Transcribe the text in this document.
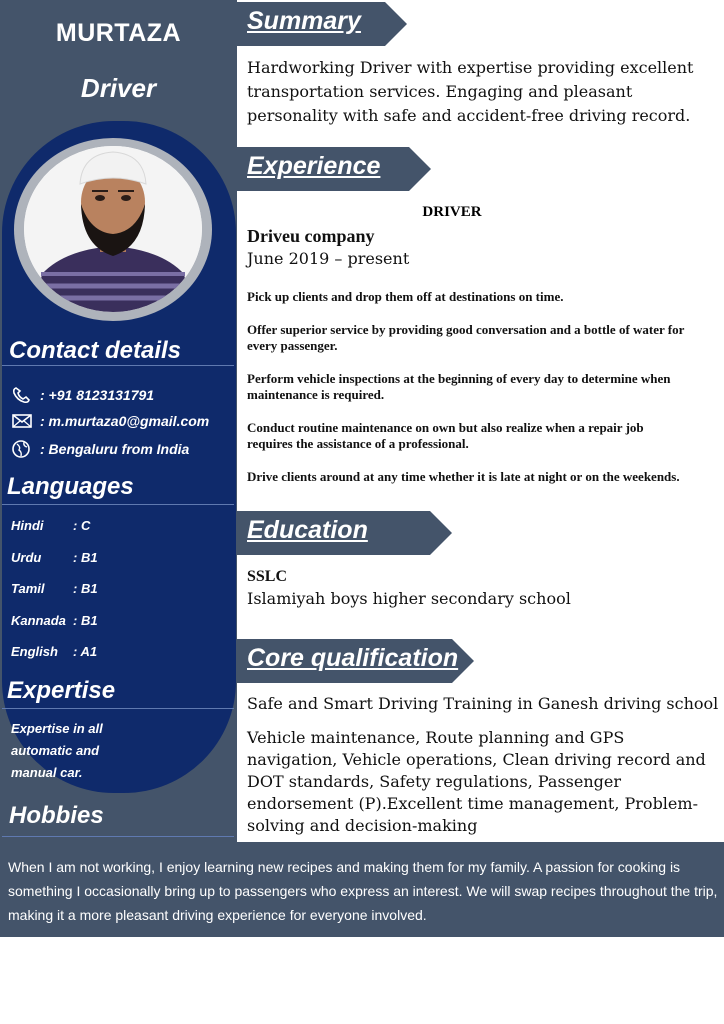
MURTAZA
Driver
Contact details
: +91 8123131791
: m.murtaza0@gmail.com
: Bengaluru from India
Languages
Hindi : C
Urdu : B1
Tamil : B1
Kannada : B1
English : A1
Expertise
Expertise in all automatic and manual car.
Hobbies
Summary
Hardworking Driver with expertise providing excellent transportation services. Engaging and pleasant personality with safe and accident-free driving record.
Experience
DRIVER
Driveu company
June 2019 – present

Pick up clients and drop them off at destinations on time.

Offer superior service by providing good conversation and a bottle of water for every passenger.

Perform vehicle inspections at the beginning of every day to determine when maintenance is required.

Conduct routine maintenance on own but also realize when a repair job requires the assistance of a professional.

Drive clients around at any time whether it is late at night or on the weekends.

Education
SSLC
Islamiyah boys higher secondary school
Core qualification
Safe and Smart Driving Training in Ganesh driving school
Vehicle maintenance, Route planning and GPS navigation, Vehicle operations, Clean driving record and DOT standards, Safety regulations, Passenger endorsement (P).Excellent time management, Problem-solving and decision-making
When I am not working, I enjoy learning new recipes and making them for my family. A passion for cooking is something I occasionally bring up to passengers who express an interest. We will swap recipes throughout the trip, making it a more pleasant driving experience for everyone involved.
